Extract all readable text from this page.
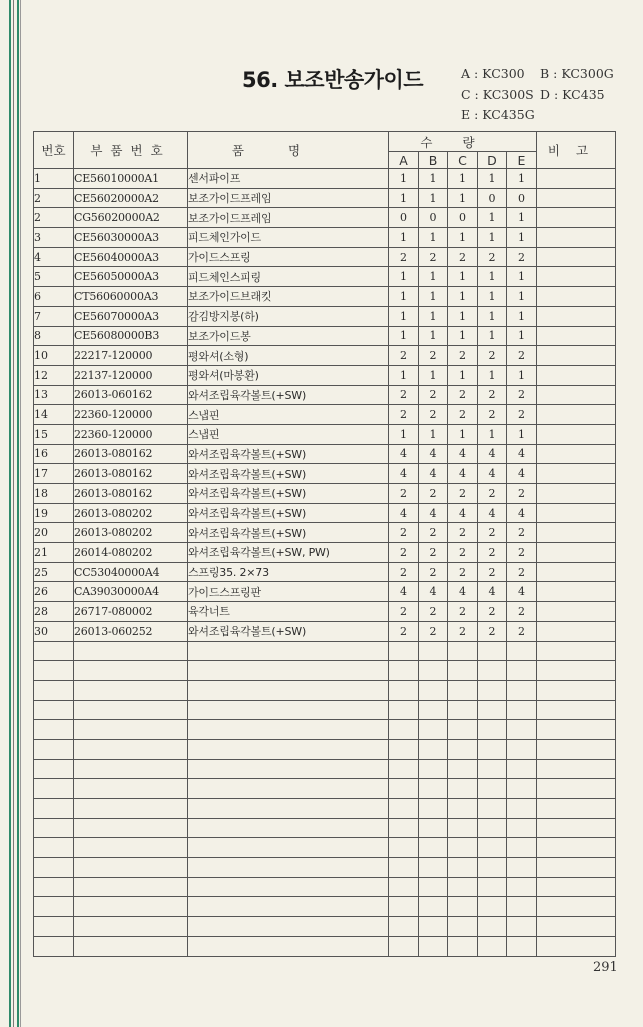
56. 보조반송가이드	A : KC300 B : KC300G
C : KC300S D : KC435
E : KC435G
번호	부품번호	품명	수량					비고
			A	B	C	D	E	
1	CE56010000A1	센서파이프	1	1	1	1	1	
2	CE56020000A2	보조가이드프레임	1	1	1	0	0	
2	CG56020000A2	보조가이드프레임	0	0	0	1	1	
3	CE56030000A3	피드체인가이드	1	1	1	1	1	
4	CE56040000A3	가이드스프링	2	2	2	2	2	
5	CE56050000A3	피드체인스피링	1	1	1	1	1	
6	CT56060000A3	보조가이드브래킷	1	1	1	1	1	
7	CE56070000A3	감김방지봉(하)	1	1	1	1	1	
8	CE56080000B3	보조가이드봉	1	1	1	1	1	
10	22217-120000	평와셔(소형)	2	2	2	2	2	
12	22137-120000	평와셔(마봉환)	1	1	1	1	1	
13	26013-060162	와셔조립육각볼트(+SW)	2	2	2	2	2	
14	22360-120000	스냅핀	2	2	2	2	2	
15	22360-120000	스냅핀	1	1	1	1	1	
16	26013-080162	와셔조립육각볼트(+SW)	4	4	4	4	4	
17	26013-080162	와셔조립육각볼트(+SW)	4	4	4	4	4	
18	26013-080162	와셔조립육각볼트(+SW)	2	2	2	2	2	
19	26013-080202	와셔조립육각볼트(+SW)	4	4	4	4	4	
20	26013-080202	와셔조립육각볼트(+SW)	2	2	2	2	2	
21	26014-080202	와셔조립육각볼트(+SW, PW)	2	2	2	2	2	
25	CC53040000A4	스프링35. 2×73	2	2	2	2	2	
26	CA39030000A4	가이드스프링판	4	4	4	4	4	
28	26717-080002	육각너트	2	2	2	2	2	
30	26013-060252	와셔조립육각볼트(+SW)	2	2	2	2	2	

291
